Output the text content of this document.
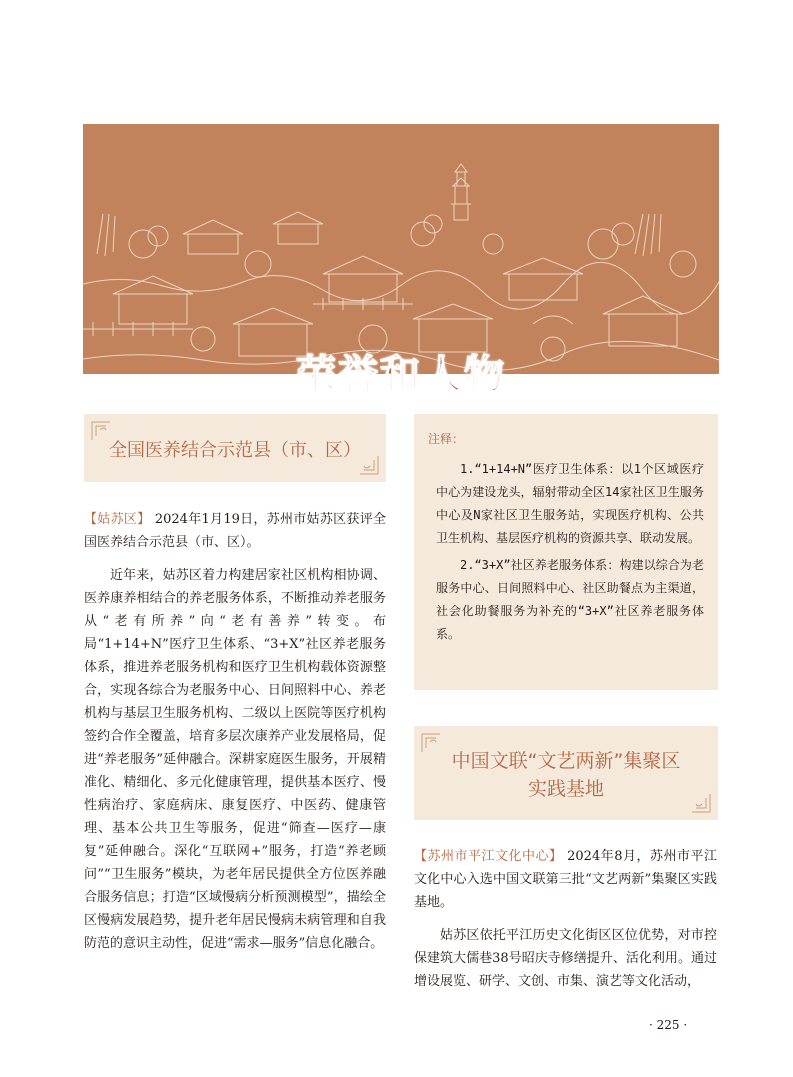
荣誉和人物
全国医养结合示范县（市、区）

【姑苏区】 2024年1月19日，苏州市姑苏区获评全国医养结合示范县（市、区）。

近年来，姑苏区着力构建居家社区机构相协调、医养康养相结合的养老服务体系，不断推动养老服务从“老有所养”向“老有善养”转变。布局“1+14+N”医疗卫生体系、“3+X”社区养老服务体系，推进养老服务机构和医疗卫生机构载体资源整合，实现各综合为老服务中心、日间照料中心、养老机构与基层卫生服务机构、二级以上医院等医疗机构签约合作全覆盖，培育多层次康养产业发展格局，促进“养老服务”延伸融合。深耕家庭医生服务，开展精准化、精细化、多元化健康管理，提供基本医疗、慢性病治疗、家庭病床、康复医疗、中医药、健康管理、基本公共卫生等服务，促进“筛查—医疗—康复”延伸融合。深化“互联网+”服务，打造“养老顾问”“卫生服务”模块，为老年居民提供全方位医养融合服务信息；打造“区域慢病分析预测模型”，描绘全区慢病发展趋势，提升老年居民慢病未病管理和自我防范的意识主动性，促进“需求—服务”信息化融合。

注释：

1.“1+14+N”医疗卫生体系：以1个区域医疗中心为建设龙头，辐射带动全区14家社区卫生服务中心及N家社区卫生服务站，实现医疗机构、公共卫生机构、基层医疗机构的资源共享、联动发展。

2.“3+X”社区养老服务体系：构建以综合为老服务中心、日间照料中心、社区助餐点为主渠道，社会化助餐服务为补充的“3+X”社区养老服务体系。

中国文联“文艺两新”集聚区
实践基地

【苏州市平江文化中心】 2024年8月，苏州市平江文化中心入选中国文联第三批“文艺两新”集聚区实践基地。

姑苏区依托平江历史文化街区区位优势，对市控保建筑大儒巷38号昭庆寺修缮提升、活化利用。通过增设展览、研学、文创、市集、演艺等文化活动，

· 225 ·
